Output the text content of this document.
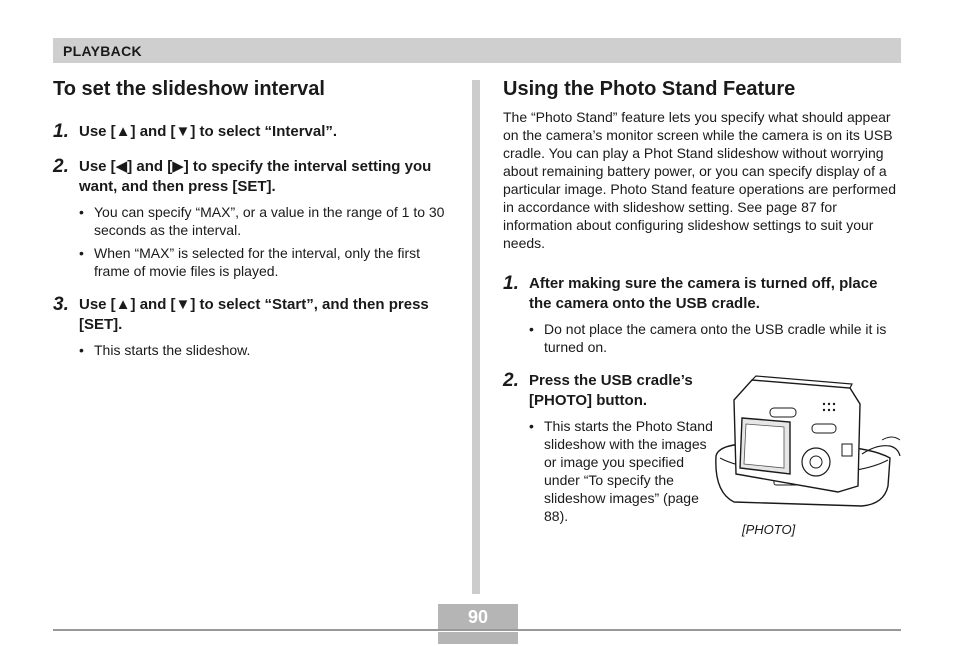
PLAYBACK
To set the slideshow interval
1. Use [▲] and [▼] to select “Interval”.
2. Use [◀] and [▶] to specify the interval setting you want, and then press [SET].
• You can specify “MAX”, or a value in the range of 1 to 30 seconds as the interval.
• When “MAX” is selected for the interval, only the first frame of movie files is played.
3. Use [▲] and [▼] to select “Start”, and then press [SET].
• This starts the slideshow.
Using the Photo Stand Feature

The “Photo Stand” feature lets you specify what should appear on the camera’s monitor screen while the camera is on its USB cradle. You can play a Phot Stand slideshow without worrying about remaining battery power, or you can specify display of a particular image. Photo Stand feature operations are performed in accordance with slideshow setting. See page 87 for information about configuring slideshow settings to suit your needs.

1. After making sure the camera is turned off, place the camera onto the USB cradle.
• Do not place the camera onto the USB cradle while it is turned on.
2. Press the USB cradle’s [PHOTO] button.
• This starts the Photo Stand slideshow with the images or image you specified under “To specify the slideshow images” (page 88).
[PHOTO]
90
